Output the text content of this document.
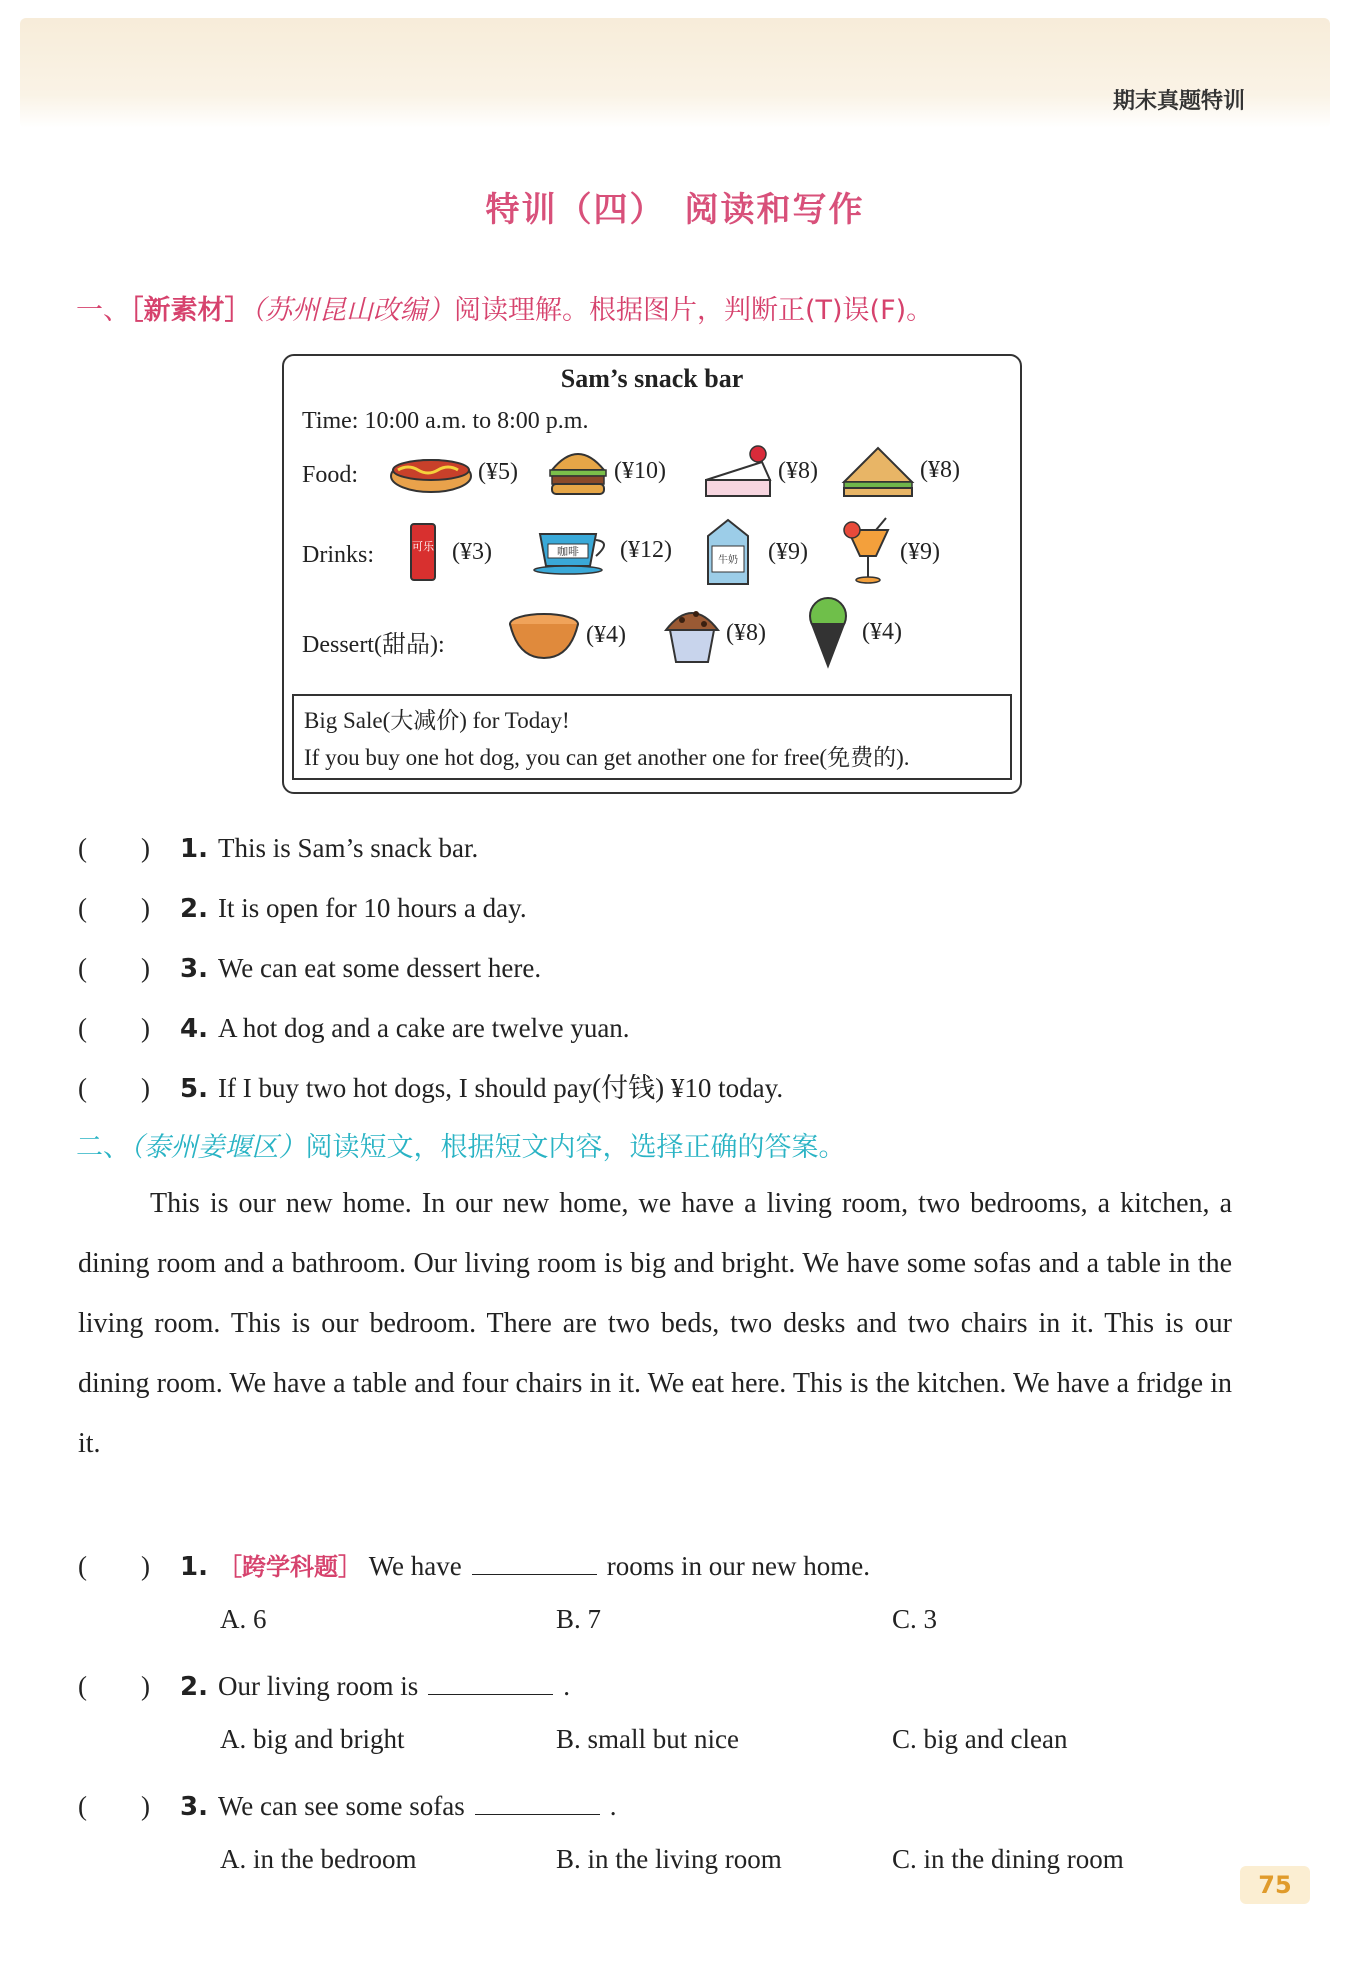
期末真题特训
特训（四）　阅读和写作
一、［新素材］（苏州昆山改编）阅读理解。根据图片，判断正(T)误(F)。
Sam’s snack bar
Time: 10:00 a.m. to 8:00 p.m.
Food:	(¥5)	(¥10)	(¥8)	(¥8)
Drinks:	可乐 (¥3)	咖啡 (¥12)	牛奶 (¥9)	(¥9)
Dessert(甜品):	(¥4)	(¥8)	(¥4)
Big Sale(大减价) for Today!
If you buy one hot dog, you can get another one for free(免费的).
(　　) 1. This is Sam’s snack bar.
(　　) 2. It is open for 10 hours a day.
(　　) 3. We can eat some dessert here.
(　　) 4. A hot dog and a cake are twelve yuan.
(　　) 5. If I buy two hot dogs, I should pay(付钱) ¥10 today.
二、（泰州姜堰区）阅读短文，根据短文内容，选择正确的答案。

This is our new home. In our new home, we have a living room, two bedrooms, a kitchen, a dining room and a bathroom. Our living room is big and bright. We have some sofas and a table in the living room. This is our bedroom. There are two beds, two desks and two chairs in it. This is our dining room. We have a table and four chairs in it. We eat here. This is the kitchen. We have a fridge in it.

(　　) 1. ［跨学科题］ We have	rooms in our new home.
A. 6	B. 7	C. 3
(　　) 2. Our living room is	.
A. big and bright	B. small but nice	C. big and clean
(　　) 3. We can see some sofas	.
A. in the bedroom	B. in the living room	C. in the dining room
75
